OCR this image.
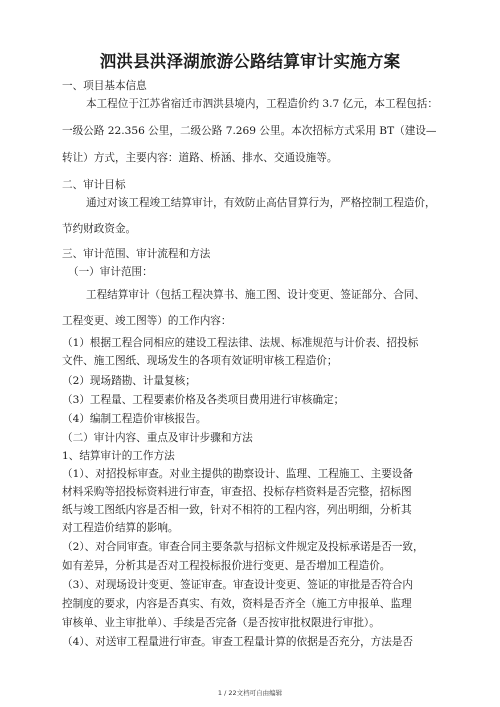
泗洪县洪泽湖旅游公路结算审计实施方案
一、项目基本信息
本工程位于江苏省宿迁市泗洪县境内，工程造价约 3.7 亿元，本工程包括：
一级公路 22.356 公里，二级公路 7.269 公里。本次招标方式采用 BT（建设—
转让）方式，主要内容：道路、桥涵、排水、交通设施等。
二、审计目标
通过对该工程竣工结算审计，有效防止高估冒算行为，严格控制工程造价，
节约财政资金。
三、审计范围、审计流程和方法
（一）审计范围：
工程结算审计（包括工程决算书、施工图、设计变更、签证部分、合同、
工程变更、竣工图等）的工作内容：
（1）根据工程合同相应的建设工程法律、法规、标准规范与计价表、招投标
文件、施工图纸、现场发生的各项有效证明审核工程造价；
（2）现场踏勘、计量复核；
（3）工程量、工程要素价格及各类项目费用进行审核确定；
（4）编制工程造价审核报告。
（二）审计内容、重点及审计步骤和方法
1、结算审计的工作方法
（1）、对招投标审查。对业主提供的勘察设计、监理、工程施工、主要设备
材料采购等招投标资料进行审查，审查招、投标存档资料是否完整，招标图
纸与竣工图纸内容是否相一致，针对不相符的工程内容，列出明细，分析其
对工程造价结算的影响。
（2）、对合同审查。审查合同主要条款与招标文件规定及投标承诺是否一致，
如有差异，分析其是否对工程投标报价进行变更、是否增加工程造价。
（3）、对现场设计变更、签证审查。审查设计变更、签证的审批是否符合内
控制度的要求，内容是否真实、有效，资料是否齐全（施工方申报单、监理
审核单、业主审批单）、手续是否完备（是否按审批权限进行审批）。
（4）、对送审工程量进行审查。审查工程量计算的依据是否充分，方法是否
1 / 22文档可自由编辑
